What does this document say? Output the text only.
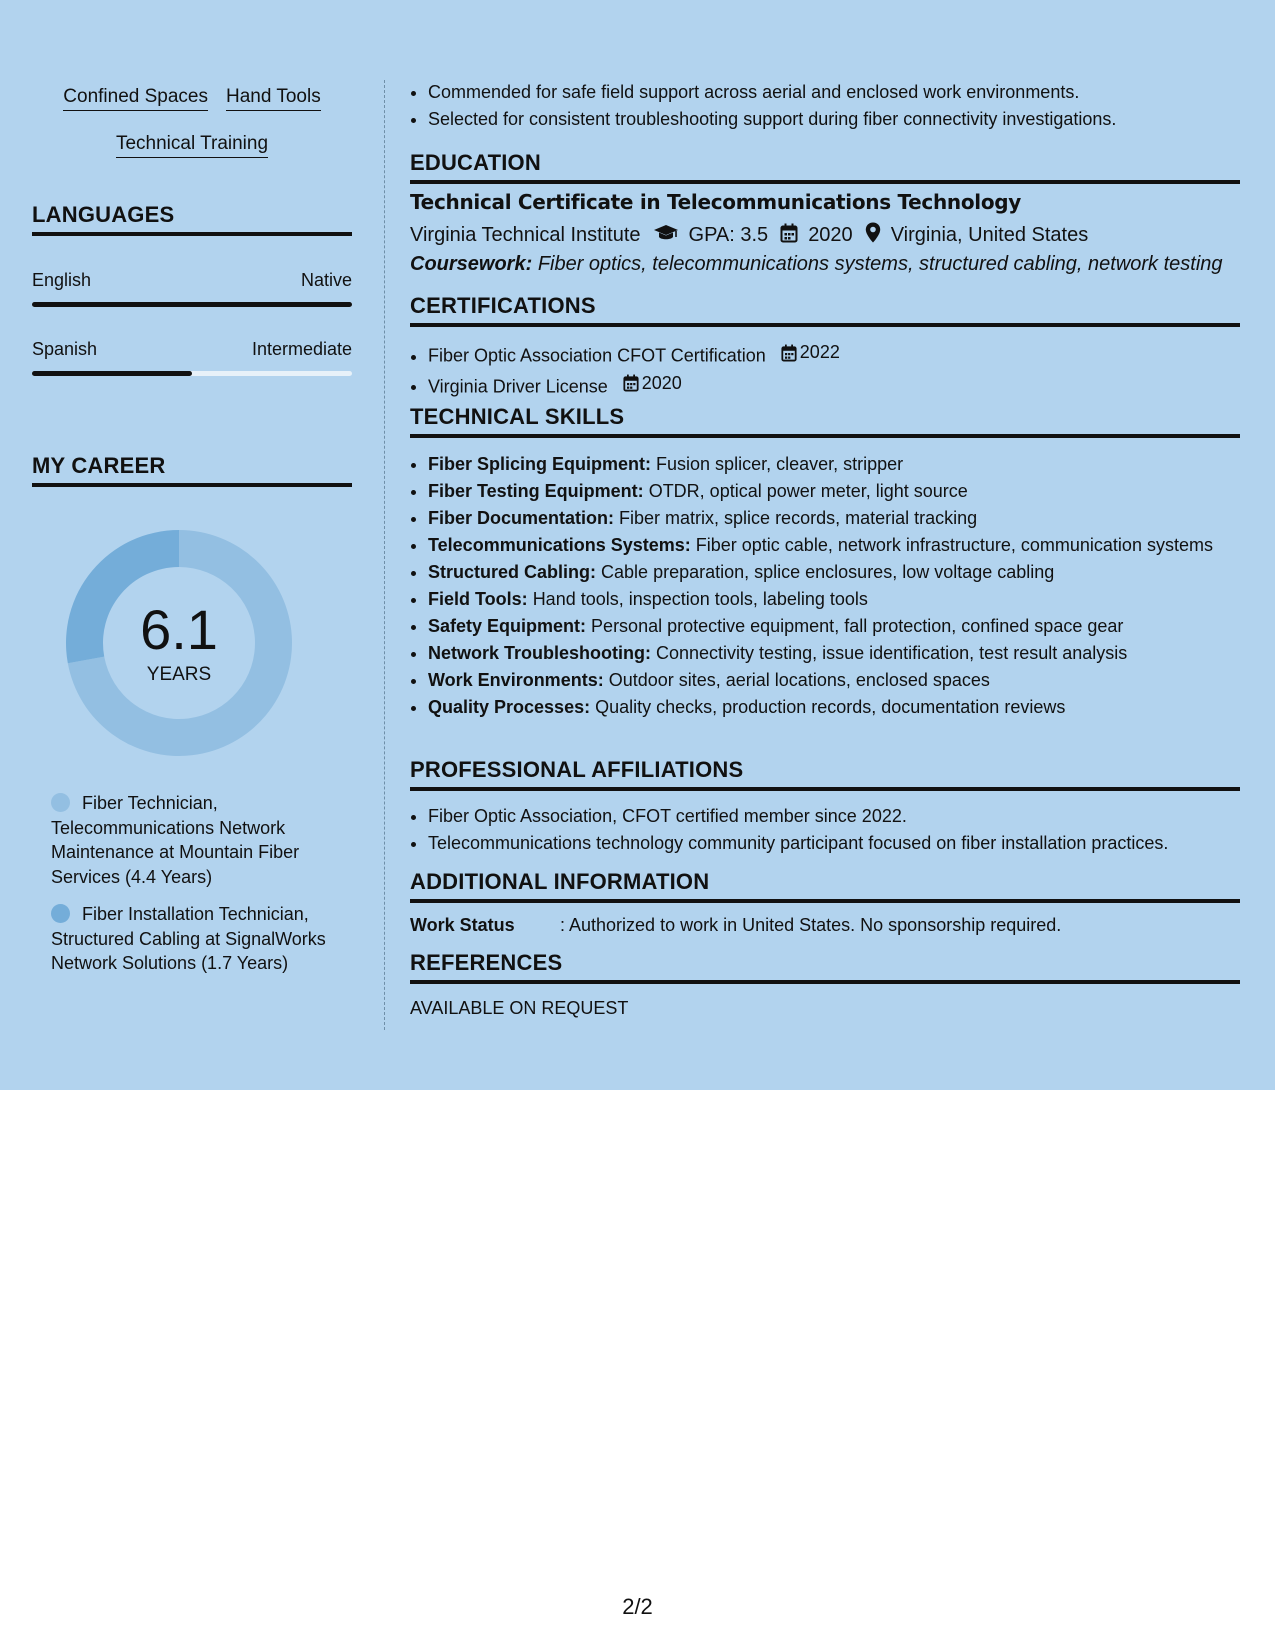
Confined Spaces Hand Tools
Technical Training
LANGUAGES
English	Native
Spanish	Intermediate
MY CAREER
6.1
YEARS
Fiber Technician, Telecommunications Network Maintenance at Mountain Fiber Services (4.4 Years)
Fiber Installation Technician, Structured Cabling at SignalWorks Network Solutions (1.7 Years)
• Commended for safe field support across aerial and enclosed work environments.
• Selected for consistent troubleshooting support during fiber connectivity investigations.
EDUCATION
Technical Certificate in Telecommunications Technology
Virginia Technical Institute GPA: 3.5 2020 Virginia, United States
Coursework: Fiber optics, telecommunications systems, structured cabling, network testing
CERTIFICATIONS
• Fiber Optic Association CFOT Certification 2022
• Virginia Driver License 2020
TECHNICAL SKILLS
• Fiber Splicing Equipment: Fusion splicer, cleaver, stripper
• Fiber Testing Equipment: OTDR, optical power meter, light source
• Fiber Documentation: Fiber matrix, splice records, material tracking
• Telecommunications Systems: Fiber optic cable, network infrastructure, communication systems
• Structured Cabling: Cable preparation, splice enclosures, low voltage cabling
• Field Tools: Hand tools, inspection tools, labeling tools
• Safety Equipment: Personal protective equipment, fall protection, confined space gear
• Network Troubleshooting: Connectivity testing, issue identification, test result analysis
• Work Environments: Outdoor sites, aerial locations, enclosed spaces
• Quality Processes: Quality checks, production records, documentation reviews
PROFESSIONAL AFFILIATIONS
• Fiber Optic Association, CFOT certified member since 2022.
• Telecommunications technology community participant focused on fiber installation practices.
ADDITIONAL INFORMATION
Work Status	: Authorized to work in United States. No sponsorship required.
REFERENCES
AVAILABLE ON REQUEST
2/2
